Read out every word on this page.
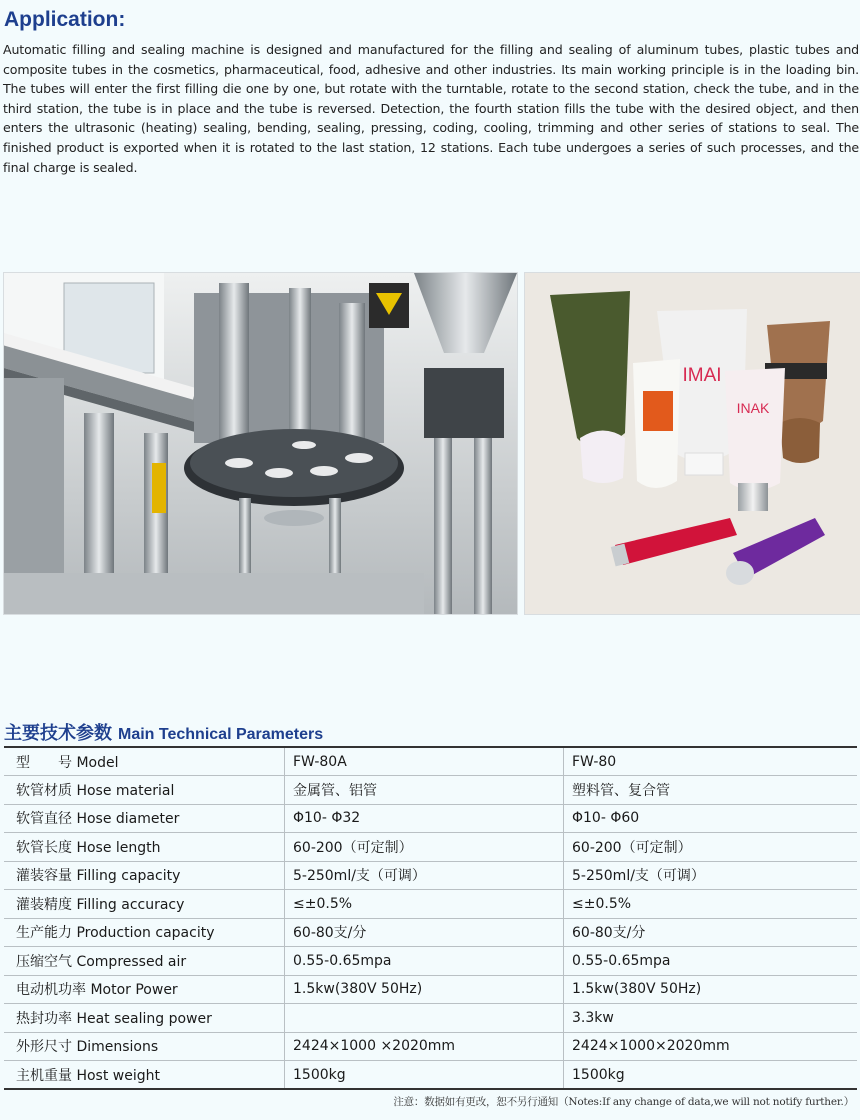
Application:
Automatic filling and sealing machine is designed and manufactured for the filling and sealing of aluminum tubes, plastic tubes and composite tubes in the cosmetics, pharmaceutical, food, adhesive and other industries. Its main working principle is in the loading bin. The tubes will enter the first filling die one by one, but rotate with the turntable, rotate to the second station, check the tube, and in the third station, the tube is in place and the tube is reversed. Detection, the fourth station fills the tube with the desired object, and then enters the ultrasonic (heating) sealing, bending, sealing, pressing, coding, cooling, trimming and other series of stations to seal. The finished product is exported when it is rotated to the last station, 12 stations. Each tube undergoes a series of such processes, and the final charge is sealed.
IMAI
INAK
主要技术参数 Main Technical Parameters
型　　号 Model	FW-80A	FW-80
软管材质 Hose material	金属管、铝管	塑料管、复合管
软管直径 Hose diameter	Φ10- Φ32	Φ10- Φ60
软管长度 Hose length	60-200（可定制）	60-200（可定制）
灌装容量 Filling capacity	5-250ml/支（可调）	5-250ml/支（可调）
灌装精度 Filling accuracy	≤±0.5%	≤±0.5%
生产能力 Production capacity	60-80支/分	60-80支/分
压缩空气 Compressed air	0.55-0.65mpa	0.55-0.65mpa
电动机功率 Motor Power	1.5kw(380V 50Hz)	1.5kw(380V 50Hz)
热封功率 Heat sealing power		3.3kw
外形尺寸 Dimensions	2424×1000 ×2020mm	2424×1000×2020mm
主机重量 Host weight	1500kg	1500kg
注意：数据如有更改，恕不另行通知（Notes:If any change of data,we will not notify further.）
